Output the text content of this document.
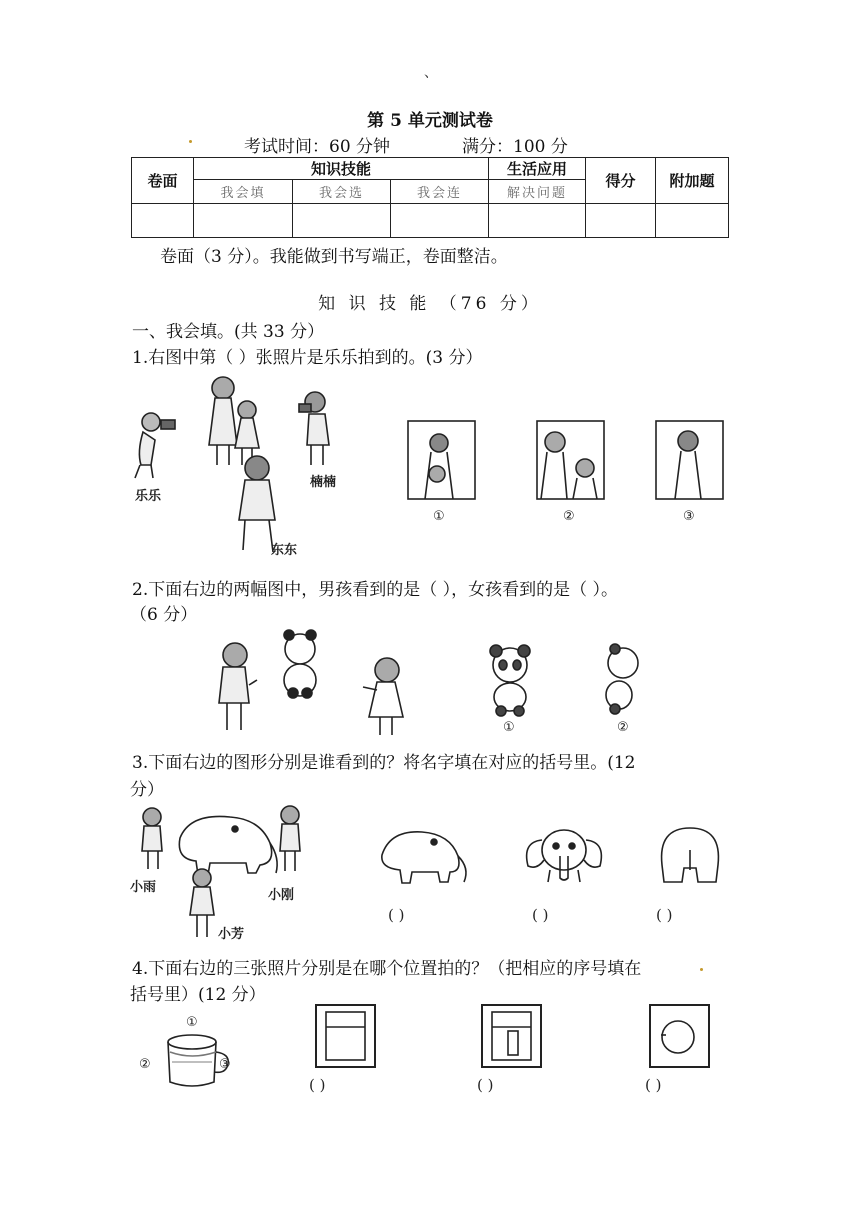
、
第 5 单元测试卷
考试时间：60 分钟	满分：100 分
卷面	知识技能			生活应用	得分	附加题
	我会填	我会选	我会连	解决问题		

卷面（3 分）。我能做到书写端正，卷面整洁。
知 识 技 能 （76 分）
一、我会填。(共 33 分）
1.右图中第（ ）张照片是乐乐拍到的。(3 分）
乐乐
楠楠
东东
①	②	③
2.下面右边的两幅图中，男孩看到的是（ ），女孩看到的是（ ）。
（6 分）
①	②
3.下面右边的图形分别是谁看到的？将名字填在对应的括号里。(12
分）
小雨
小刚
小芳
( )	( )	( )
4.下面右边的三张照片分别是在哪个位置拍的？（把相应的序号填在
括号里）(12 分）
①
②	③
( )	( )	( )
